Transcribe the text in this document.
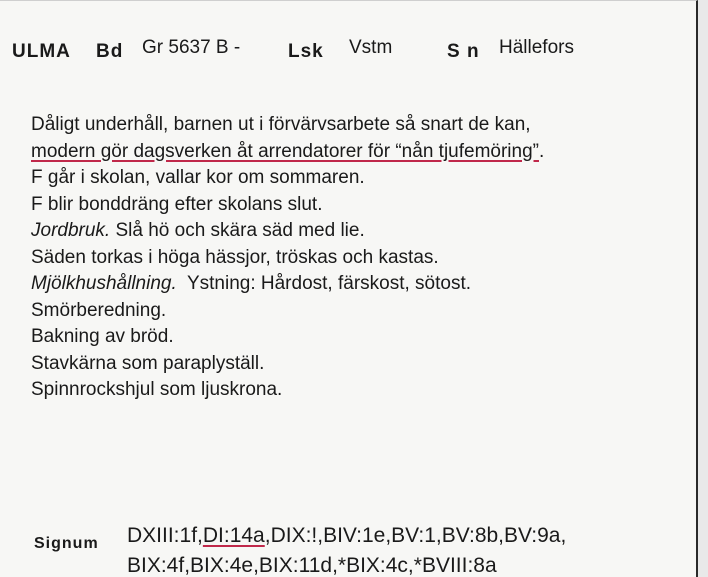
ULMA Bd Gr 5637 B -	Lsk Vstm	S n Hällefors
Dåligt underhåll, barnen ut i förvärvsarbete så snart de kan,
modern gör dagsverken åt arrendatorer för “nån tjufemöring”.
F går i skolan, vallar kor om sommaren.
F blir bonddräng efter skolans slut.
Jordbruk. Slå hö och skära säd med lie.
Säden torkas i höga hässjor, tröskas och kastas.
Mjölkhushållning.  Ystning: Hårdost, färskost, sötost.
Smörberedning.
Bakning av bröd.
Stavkärna som paraplyställ.
Spinnrockshjul som ljuskrona.
Signum DXIII:1f,DI:14a,DIX:!,BIV:1e,BV:1,BV:8b,BV:9a,
BIX:4f,BIX:4e,BIX:11d,*BIX:4c,*BVIII:8a
